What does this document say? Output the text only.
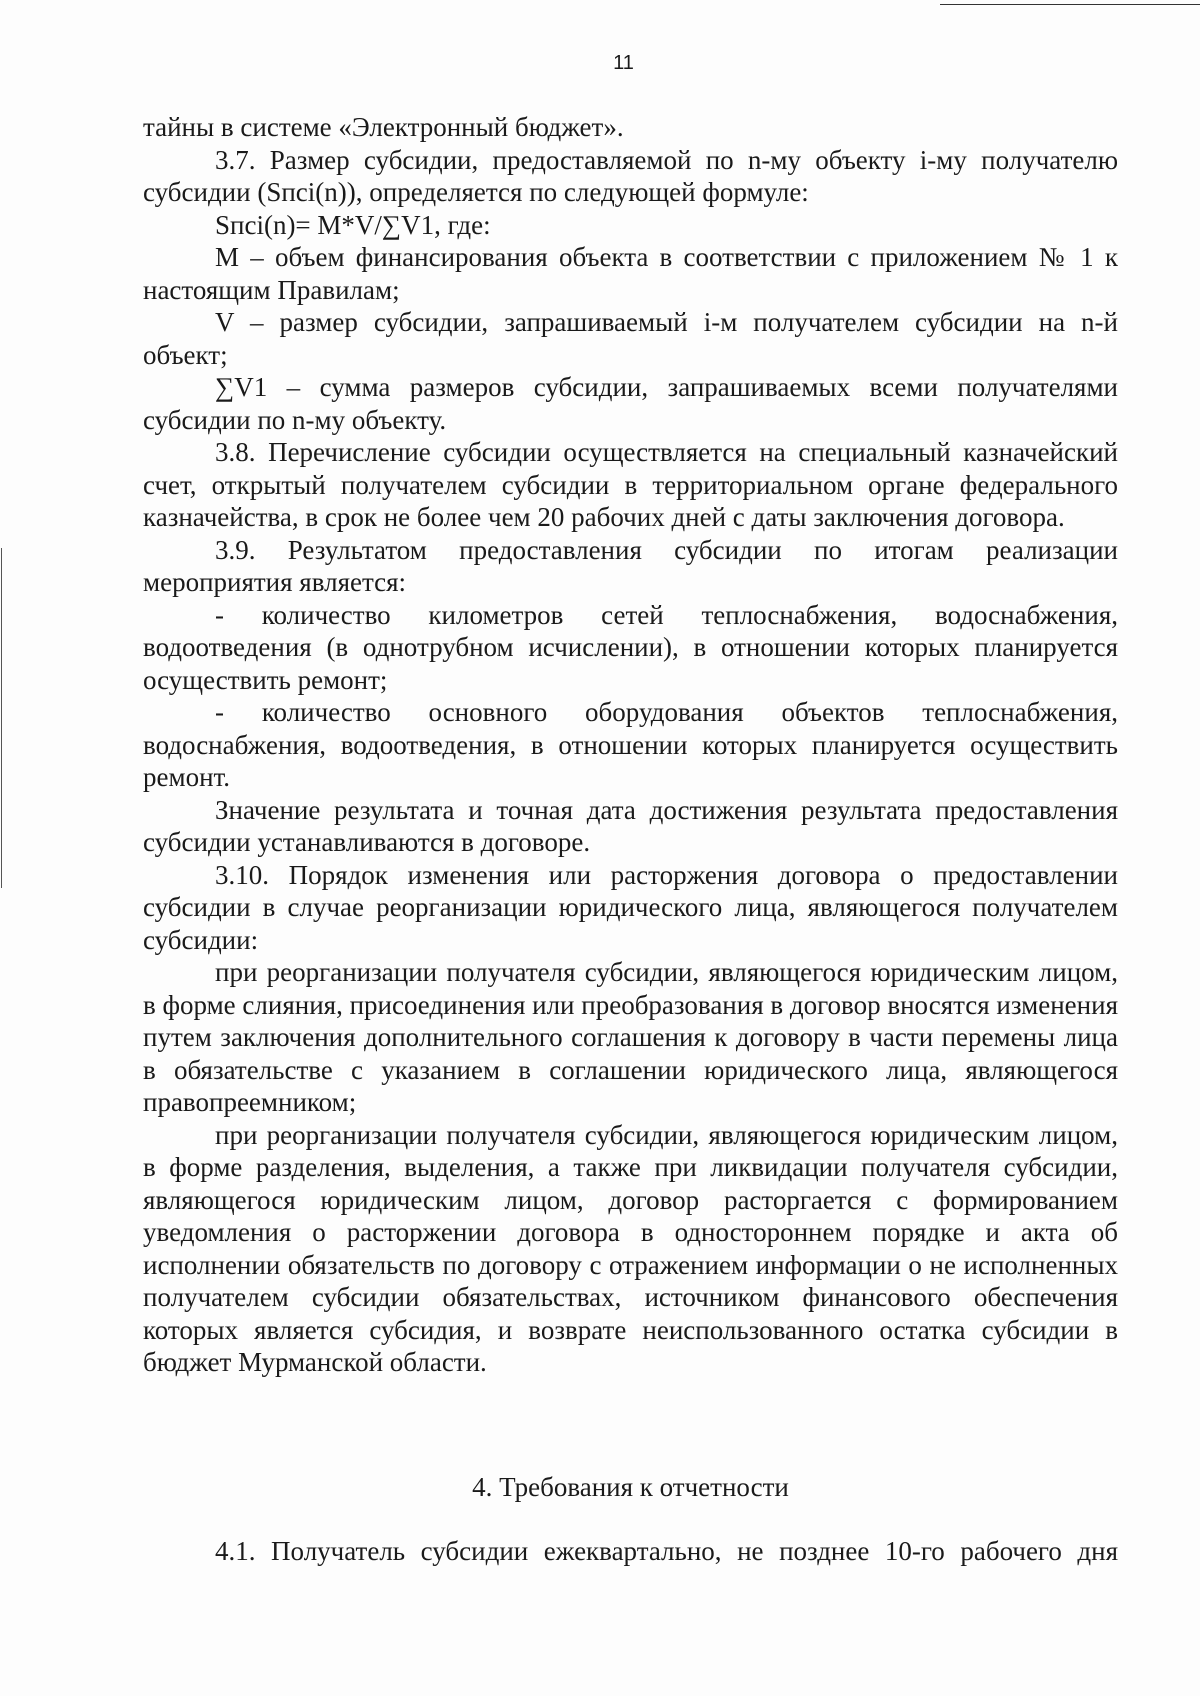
11

тайны в системе «Электронный бюджет».

3.7. Размер субсидии, предоставляемой по n-му объекту i-му получателю субсидии (Sпci(n)), определяется по следующей формуле:

Sпci(n)= M*V/∑V1, где:

M – объем финансирования объекта в соответствии с приложением № 1 к настоящим Правилам;

V – размер субсидии, запрашиваемый i-м получателем субсидии на n-й объект;

∑V1 – сумма размеров субсидии, запрашиваемых всеми получателями субсидии по n-му объекту.

3.8. Перечисление субсидии осуществляется на специальный казначейский счет, открытый получателем субсидии в территориальном органе федерального казначейства, в срок не более чем 20 рабочих дней с даты заключения договора.

3.9. Результатом предоставления субсидии по итогам реализации мероприятия является:

- количество километров сетей теплоснабжения, водоснабжения, водоотведения (в однотрубном исчислении), в отношении которых планируется осуществить ремонт;

- количество основного оборудования объектов теплоснабжения, водоснабжения, водоотведения, в отношении которых планируется осуществить ремонт.

Значение результата и точная дата достижения результата предоставления субсидии устанавливаются в договоре.

3.10. Порядок изменения или расторжения договора о предоставлении субсидии в случае реорганизации юридического лица, являющегося получателем субсидии:

при реорганизации получателя субсидии, являющегося юридическим лицом, в форме слияния, присоединения или преобразования в договор вносятся изменения путем заключения дополнительного соглашения к договору в части перемены лица в обязательстве с указанием в соглашении юридического лица, являющегося правопреемником;

при реорганизации получателя субсидии, являющегося юридическим лицом, в форме разделения, выделения, а также при ликвидации получателя субсидии, являющегося юридическим лицом, договор расторгается с формированием уведомления о расторжении договора в одностороннем порядке и акта об исполнении обязательств по договору с отражением информации о не исполненных получателем субсидии обязательствах, источником финансового обеспечения которых является субсидия, и возврате неиспользованного остатка субсидии в бюджет Мурманской области.

4. Требования к отчетности

4.1. Получатель субсидии ежеквартально, не позднее 10-го рабочего дня
